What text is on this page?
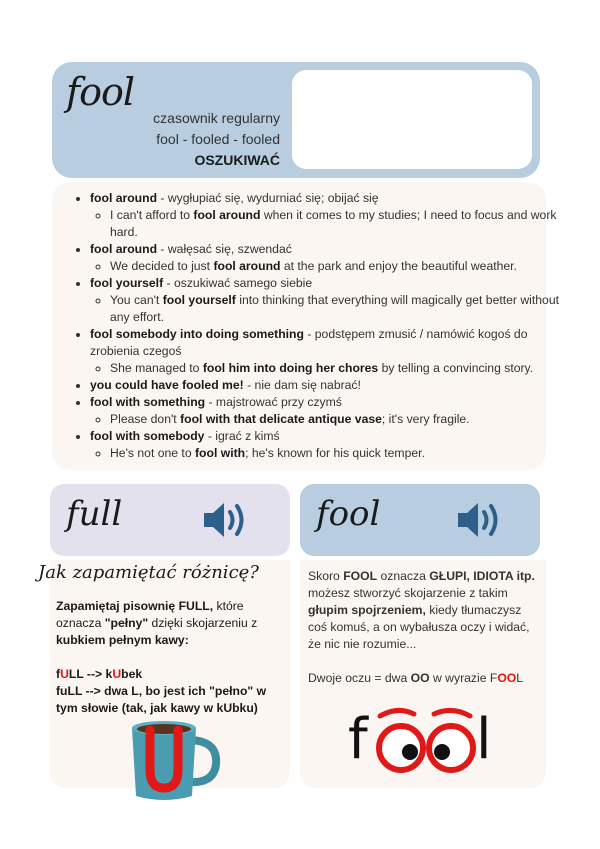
fool
czasownik regularny
fool - fooled - fooled
OSZUKIWAĆ
• fool around - wygłupiać się, wydurniać się; obijać się
◦ I can't afford to fool around when it comes to my studies; I need to focus and work hard.
• fool around - wałęsać się, szwendać
◦ We decided to just fool around at the park and enjoy the beautiful weather.
• fool yourself - oszukiwać samego siebie
◦ You can't fool yourself into thinking that everything will magically get better without any effort.
• fool somebody into doing something - podstępem zmusić / namówić kogoś do zrobienia czegoś
◦ She managed to fool him into doing her chores by telling a convincing story.
• you could have fooled me! - nie dam się nabrać!
• fool with something - majstrować przy czymś
◦ Please don't fool with that delicate antique vase; it's very fragile.
• fool with somebody - igrać z kimś
◦ He's not one to fool with; he's known for his quick temper.
full	fool
Jak zapamiętać różnicę?
Zapamiętaj pisownię FULL, które oznacza "pełny" dzięki skojarzeniu z kubkiem pełnym kawy:
fULL --> kUbek
fuLL --> dwa L, bo jest ich "pełno" w tym słowie (tak, jak kawy w kUbku)
Skoro FOOL oznacza GŁUPI, IDIOTA itp. możesz stworzyć skojarzenie z takim głupim spojrzeniem, kiedy tłumaczysz coś komuś, a on wybałusza oczy i widać, że nic nie rozumie...
Dwoje oczu = dwa OO w wyrazie FOOL
f l
